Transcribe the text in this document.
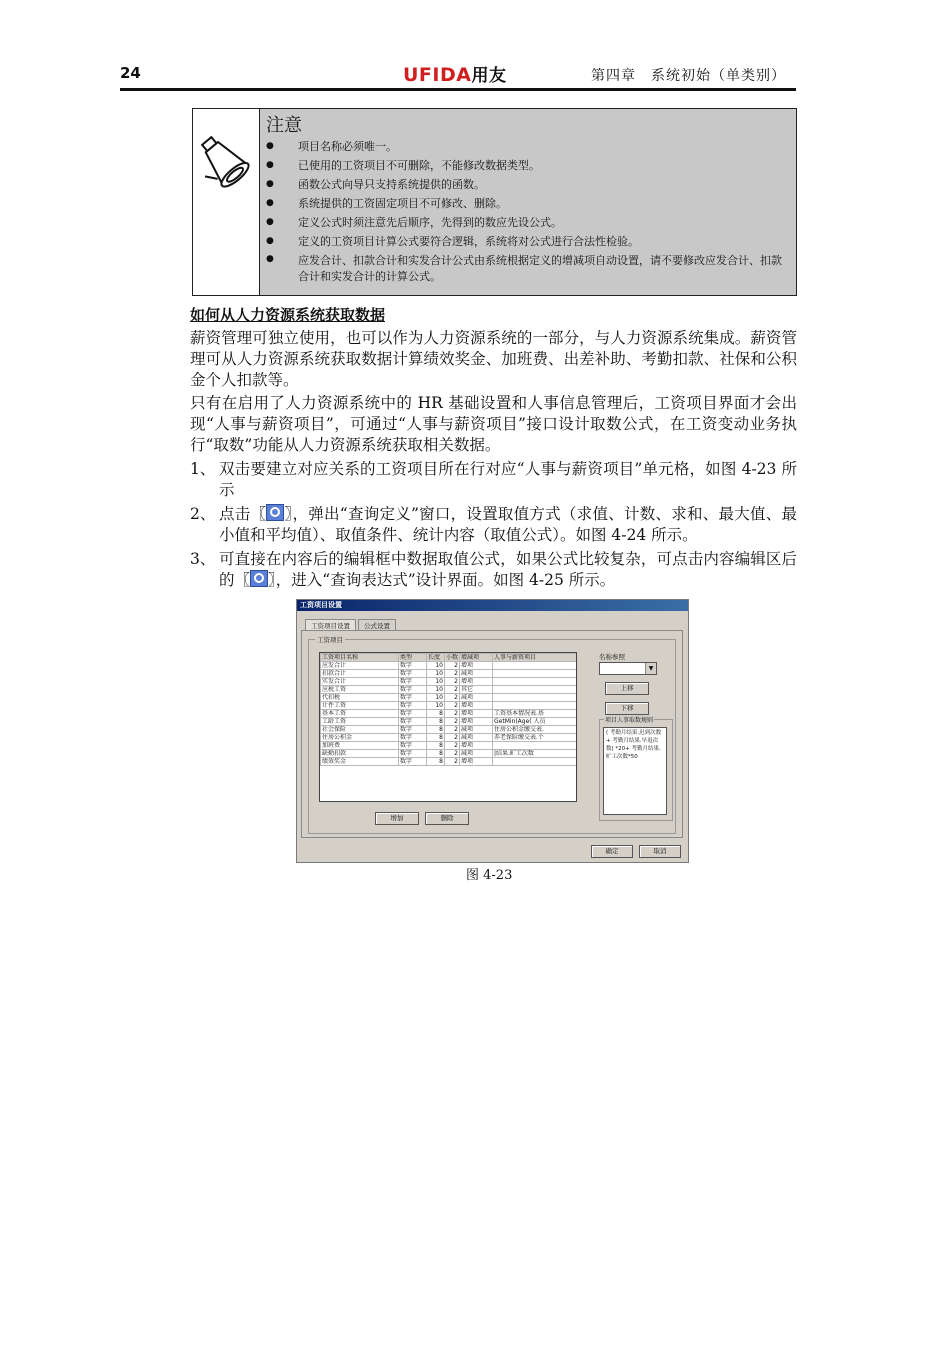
24	UFIDA用友	第四章　系统初始（单类别）
注意
● 项目名称必须唯一。
● 已使用的工资项目不可删除，不能修改数据类型。
● 函数公式向导只支持系统提供的函数。
● 系统提供的工资固定项目不可修改、删除。
● 定义公式时须注意先后顺序，先得到的数应先设公式。
● 定义的工资项目计算公式要符合逻辑，系统将对公式进行合法性检验。
● 应发合计、扣款合计和实发合计公式由系统根据定义的增减项自动设置，请不要修改应发合计、扣款合计和实发合计的计算公式。
如何从人力资源系统获取数据

薪资管理可独立使用，也可以作为人力资源系统的一部分，与人力资源系统集成。薪资管理可从人力资源系统获取数据计算绩效奖金、加班费、出差补助、考勤扣款、社保和公积金个人扣款等。

只有在启用了人力资源系统中的 HR 基础设置和人事信息管理后，工资项目界面才会出现“人事与薪资项目”，可通过“人事与薪资项目”接口设计取数公式，在工资变动业务执行“取数”功能从人力资源系统获取相关数据。

1、 双击要建立对应关系的工资项目所在行对应“人事与薪资项目”单元格，如图 4-23 所示

2、 点击〖 〗，弹出“查询定义”窗口，设置取值方式（求值、计数、求和、最大值、最小值和平均值）、取值条件、统计内容（取值公式）。如图 4-24 所示。

3、 可直接在内容后的编辑框中数据取值公式，如果公式比较复杂，可点击内容编辑区后的〖 〗，进入“查询表达式”设计界面。如图 4-25 所示。

工资项目设置
工资项目设置	公式设置
工资项目
工资项目名称	类型	长度	小数	增减项	人事与薪资项目
应发合计	数字	10	2	增项	
扣款合计	数字	10	2	减项	
实发合计	数字	10	2	增项	
应税工资	数字	10	2	其它	
代扣税	数字	10	2	减项	
计件工资	数字	10	2	增项	
基本工资	数字	8	2	增项	工资基本情况表.基
工龄工资	数字	8	2	增项	GetMin(Age( 人员
社会保险	数字	8	2	减项	住房公积金缴交表.
住房公积金	数字	8	2	减项	养老保险缴交表.个
加班费	数字	8	2	增项	
缺勤扣款	数字	8	2	减项	|结果.旷工次数
绩效奖金	数字	8	2	增项	
名称参照
▼
上移
下移
项目人事取数规则
( 考勤月结果.迟到次数+ 考勤月结果.早退次数) *20+ 考勤月结果.旷工次数*50
增加	删除
确定	取消
图 4-23
